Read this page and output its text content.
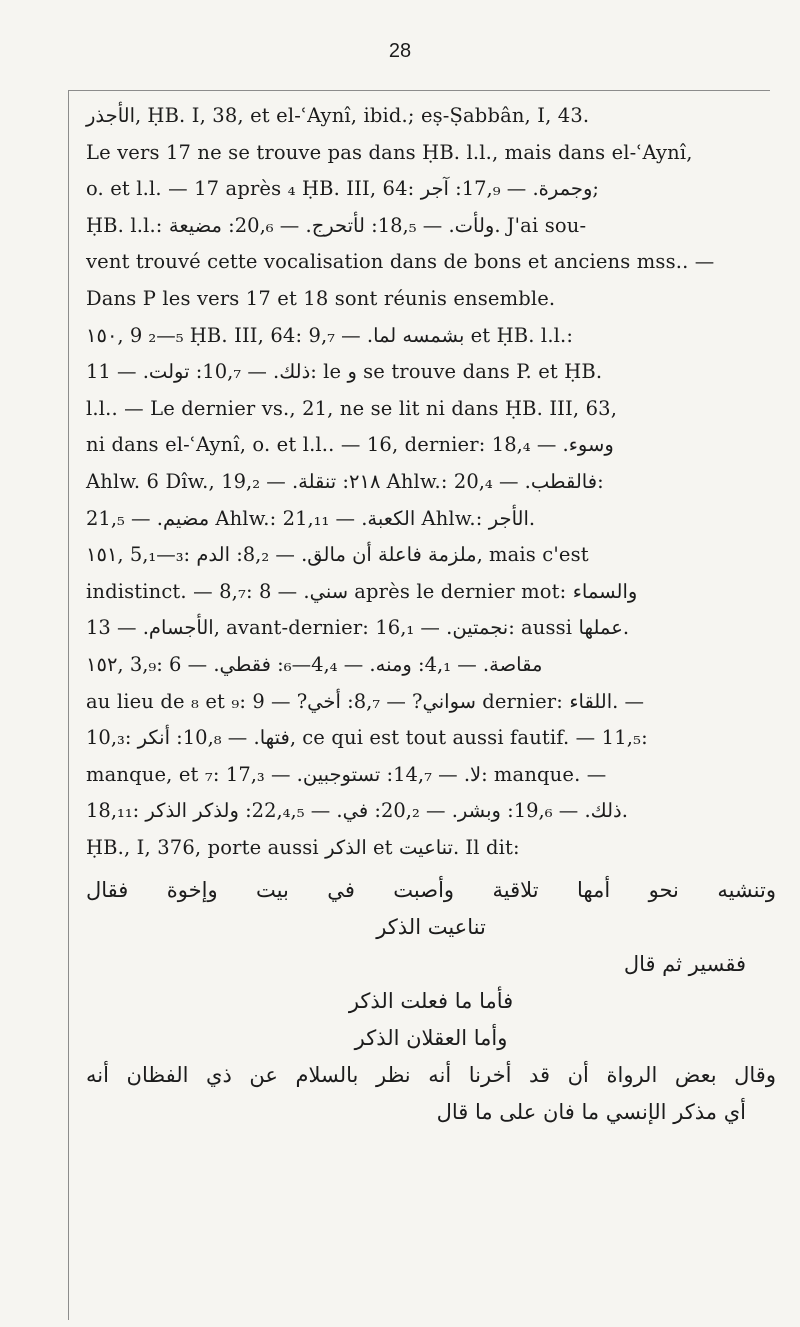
28
الأجذر, ḤB. I, 38, et el-ʿAynî, ibid.; eṣ-Ṣabbân, I, 43.
Le vers 17 ne se trouve pas dans ḤB. l.l., mais dans el-ʿAynî,
o. et l.l. — 17 après ₄ ḤB. III, 64: وجمرة. — 17,₉: آجر;
ḤB. l.l.: ولأت. — 18,₅: لأتحرج. — 20,₆: مضيعة. J'ai sou-
vent trouvé cette vocalisation dans de bons et anciens mss.. —
Dans P les vers 17 et 18 sont réunis ensemble.
١٥٠, 9 ₂—₅ ḤB. III, 64: بشمسه لما. — 9,₇ et ḤB. l.l.:
ذلك. — 10,₇: تولت. — 11: le و se trouve dans P. et ḤB.
l.l.. — Le dernier vs., 21, ne se lit ni dans ḤB. III, 63,
ni dans el-ʿAynî, o. et l.l.. — 16, dernier: وسوء. — 18,₄
Ahlw. 6 Dîw., ٢١٨: تنقلة. — 19,₂ Ahlw.: فالقطب. — 20,₄:
مضيم. — 21,₅ Ahlw.: الكعبة. — 21,₁₁ Ahlw.: الأجر.
١٥١, 5,₁—₃: ملزمة فاعلة أن مالق. — 8,₂: الدم, mais c'est
indistinct. — 8,₇: سني. — 8 après le dernier mot: والسماء
الأجسام. — 13, avant-dernier: نجمتين. — 16,₁: aussi عملها.
١٥٢, 3,₉: مقاصة. — 4,₁: ومنه. — 4,₄—₆: فقطي. — 6
au lieu de ₈ et ₉: سواني? — 8,₇: أخي? — 9 dernier: اللقاء. —
10,₃: فتها. — 10,₈: أنكر, ce qui est tout aussi fautif. — 11,₅:
manque, et ₇: لا. — 14,₇: تستوجبين. — 17,₃: manque. —
18,₁₁: ذلك. — 19,₆: وبشر. — 20,₂: في. — 22,₄,₅: ولذكر الذكر.
ḤB., I, 376, porte aussi الذكر et تناعيت. Il dit:
وتنشيه نحو أمها تلاقية وأصبت في بيت وإخوة فقال
تناعيت الذكر
فقسير ثم قال
فأما ما فعلت الذكر
وأما العقلان الذكر
وقال بعض الرواة أن قد أخرنا أنه نظر بالسلام عن ذي الفظان أنه
أي مذكر الإنسي ما فان على ما قال
